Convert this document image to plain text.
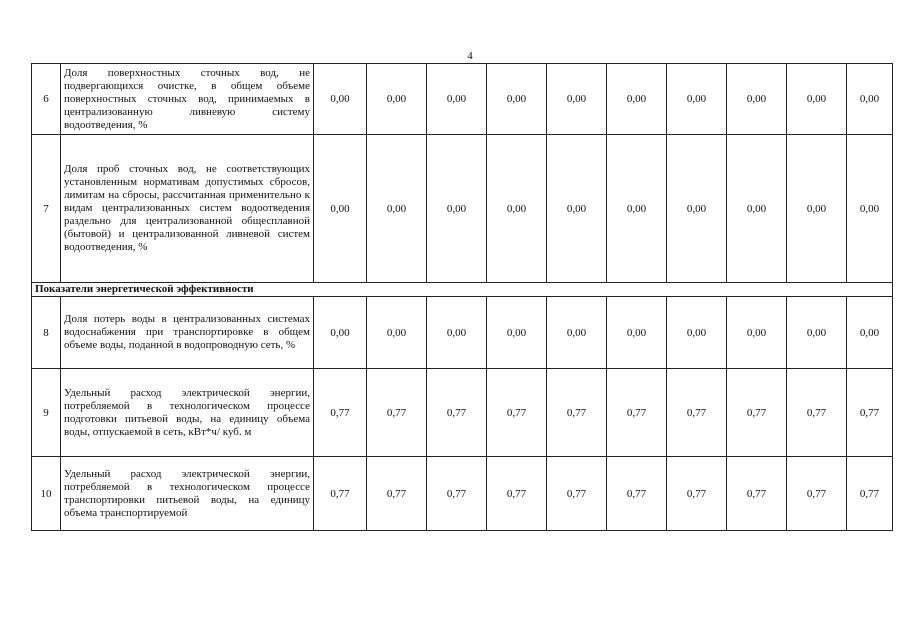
4
6	Доля поверхностных сточных вод, не подвергающихся очистке, в общем объеме поверхностных сточных вод, принимаемых в централизованную ливневую систему водоотведения, %	0,00	0,00	0,00	0,00	0,00	0,00	0,00	0,00	0,00	0,00
7	Доля проб сточных вод, не соответствующих установленным нормативам допустимых сбросов, лимитам на сбросы, рассчитанная применительно к видам централизованных систем водоотведения раздельно для централизованной общесплавной (бытовой) и централизованной ливневой систем водоотведения, %	0,00	0,00	0,00	0,00	0,00	0,00	0,00	0,00	0,00	0,00
Показатели энергетической эффективности											
8	Доля потерь воды в централизованных системах водоснабжения при транспортировке в общем объеме воды, поданной в водопроводную сеть, %	0,00	0,00	0,00	0,00	0,00	0,00	0,00	0,00	0,00	0,00
9	Удельный расход электрической энергии, потребляемой в технологическом процессе подготовки питьевой воды, на единицу объема воды, отпускаемой в сеть, кВт*ч/ куб. м	0,77	0,77	0,77	0,77	0,77	0,77	0,77	0,77	0,77	0,77
10	Удельный расход электрической энергии, потребляемой в технологическом процессе транспортировки питьевой воды, на единицу объема транспортируемой	0,77	0,77	0,77	0,77	0,77	0,77	0,77	0,77	0,77	0,77
